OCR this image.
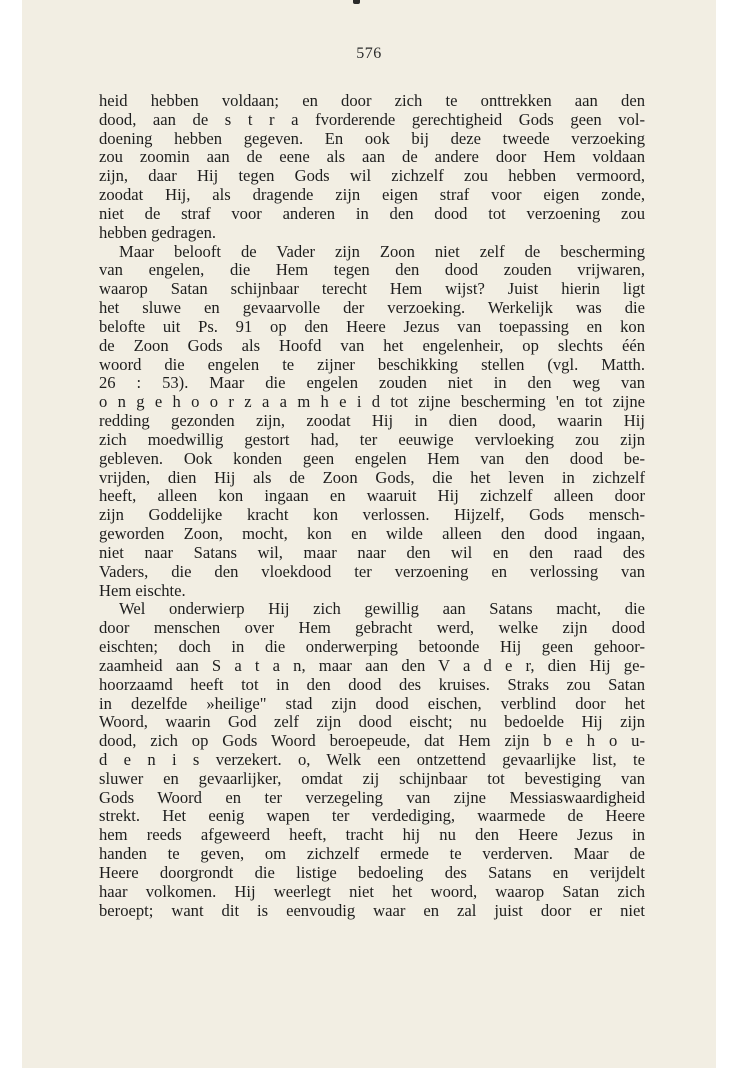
576
heid hebben voldaan; en door zich te onttrekken aan den
dood, aan de s t r a fvorderende gerechtigheid Gods geen vol-
doening hebben gegeven. En ook bij deze tweede verzoeking
zou zoomin aan de eene als aan de andere door Hem voldaan
zijn, daar Hij tegen Gods wil zichzelf zou hebben vermoord,
zoodat Hij, als dragende zijn eigen straf voor eigen zonde,
niet de straf voor anderen in den dood tot verzoening zou
hebben gedragen.
Maar belooft de Vader zijn Zoon niet zelf de bescherming
van engelen, die Hem tegen den dood zouden vrijwaren,
waarop Satan schijnbaar terecht Hem wijst? Juist hierin ligt
het sluwe en gevaarvolle der verzoeking. Werkelijk was die
belofte uit Ps. 91 op den Heere Jezus van toepassing en kon
de Zoon Gods als Hoofd van het engelenheir, op slechts één
woord die engelen te zijner beschikking stellen (vgl. Matth.
26 : 53). Maar die engelen zouden niet in den weg van
o n g e h o o r z a a m h e i d tot zijne bescherming 'en tot zijne
redding gezonden zijn, zoodat Hij in dien dood, waarin Hij
zich moedwillig gestort had, ter eeuwige vervloeking zou zijn
gebleven. Ook konden geen engelen Hem van den dood be-
vrijden, dien Hij als de Zoon Gods, die het leven in zichzelf
heeft, alleen kon ingaan en waaruit Hij zichzelf alleen door
zijn Goddelijke kracht kon verlossen. Hijzelf, Gods mensch-
geworden Zoon, mocht, kon en wilde alleen den dood ingaan,
niet naar Satans wil, maar naar den wil en den raad des
Vaders, die den vloekdood ter verzoening en verlossing van
Hem eischte.
Wel onderwierp Hij zich gewillig aan Satans macht, die
door menschen over Hem gebracht werd, welke zijn dood
eischten; doch in die onderwerping betoonde Hij geen gehoor-
zaamheid aan S a t a n, maar aan den V a d e r, dien Hij ge-
hoorzaamd heeft tot in den dood des kruises. Straks zou Satan
in dezelfde »heilige" stad zijn dood eischen, verblind door het
Woord, waarin God zelf zijn dood eischt; nu bedoelde Hij zijn
dood, zich op Gods Woord beroepeude, dat Hem zijn b e h o u-
d e n i s verzekert. o, Welk een ontzettend gevaarlijke list, te
sluwer en gevaarlijker, omdat zij schijnbaar tot bevestiging van
Gods Woord en ter verzegeling van zijne Messiaswaardigheid
strekt. Het eenig wapen ter verdediging, waarmede de Heere
hem reeds afgeweerd heeft, tracht hij nu den Heere Jezus in
handen te geven, om zichzelf ermede te verderven. Maar de
Heere doorgrondt die listige bedoeling des Satans en verijdelt
haar volkomen. Hij weerlegt niet het woord, waarop Satan zich
beroept; want dit is eenvoudig waar en zal juist door er niet
